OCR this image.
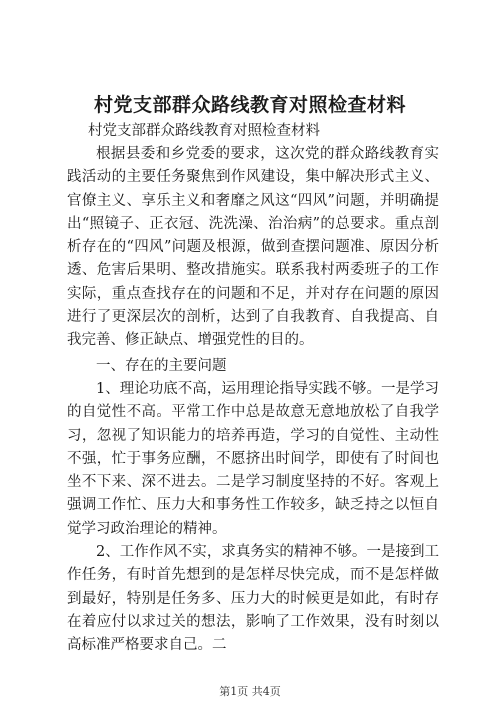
村党支部群众路线教育对照检查材料
村党支部群众路线教育对照检查材料

根据县委和乡党委的要求，这次党的群众路线教育实践活动的主要任务聚焦到作风建设，集中解决形式主义、官僚主义、享乐主义和奢靡之风这“四风”问题，并明确提出“照镜子、正衣冠、洗洗澡、治治病”的总要求。重点剖析存在的“四风”问题及根源，做到查摆问题准、原因分析透、危害后果明、整改措施实。联系我村两委班子的工作实际，重点查找存在的问题和不足，并对存在问题的原因进行了更深层次的剖析，达到了自我教育、自我提高、自我完善、修正缺点、增强党性的目的。

一、存在的主要问题

1、理论功底不高，运用理论指导实践不够。一是学习的自觉性不高。平常工作中总是故意无意地放松了自我学习，忽视了知识能力的培养再造，学习的自觉性、主动性不强，忙于事务应酬，不愿挤出时间学，即使有了时间也坐不下来、深不进去。二是学习制度坚持的不好。客观上强调工作忙、压力大和事务性工作较多，缺乏持之以恒自觉学习政治理论的精神。

2、工作作风不实，求真务实的精神不够。一是接到工作任务，有时首先想到的是怎样尽快完成，而不是怎样做到最好，特别是任务多、压力大的时候更是如此，有时存在着应付以求过关的想法，影响了工作效果，没有时刻以高标准严格要求自己。二

第1页 共4页
